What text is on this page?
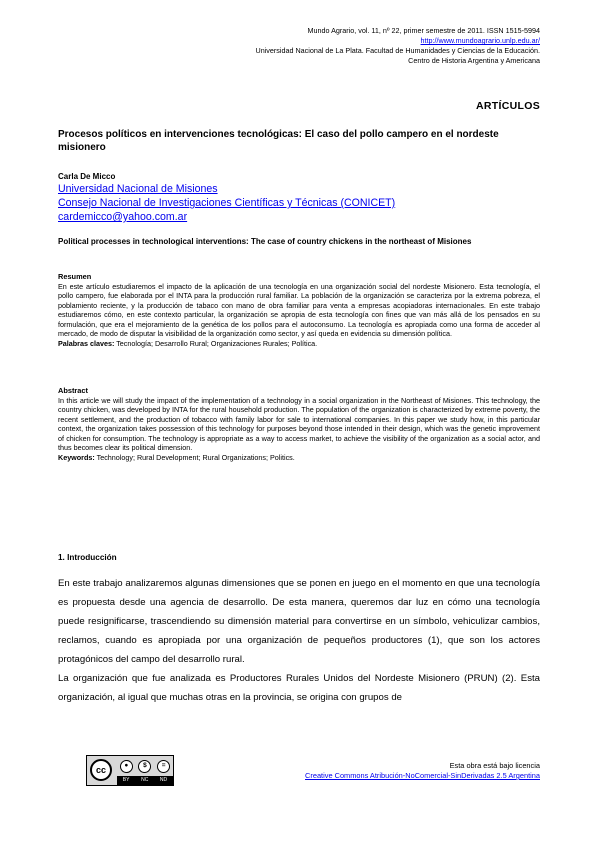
Mundo Agrario, vol. 11, nº 22, primer semestre de 2011. ISSN 1515-5994
http://www.mundoagrario.unlp.edu.ar/
Universidad Nacional de La Plata. Facultad de Humanidades y Ciencias de la Educación.
Centro de Historia Argentina y Americana
ARTÍCULOS
Procesos políticos en intervenciones tecnológicas: El caso del pollo campero en el nordeste misionero
Carla De Micco
Universidad Nacional de Misiones
Consejo Nacional de Investigaciones Científicas y Técnicas (CONICET)
cardemicco@yahoo.com.ar
Political processes in technological interventions: The case of country chickens in the northeast of Misiones
Resumen
En este artículo estudiaremos el impacto de la aplicación de una tecnología en una organización social del nordeste Misionero. Esta tecnología, el pollo campero, fue elaborada por el INTA para la producción rural familiar. La población de la organización se caracteriza por la extrema pobreza, el poblamiento reciente, y la producción de tabaco con mano de obra familiar para venta a empresas acopiadoras internacionales. En este trabajo estudiaremos cómo, en este contexto particular, la organización se apropia de esta tecnología con fines que van más allá de los pensados en su formulación, que era el mejoramiento de la genética de los pollos para el autoconsumo. La tecnología es apropiada como una forma de acceder al mercado, de modo de disputar la visibilidad de la organización como sector, y así queda en evidencia su dimensión política.
Palabras claves: Tecnología; Desarrollo Rural; Organizaciones Rurales; Política.
Abstract
In this article we will study the impact of the implementation of a technology in a social organization in the Northeast of Misiones. This technology, the country chicken, was developed by INTA for the rural household production. The population of the organization is characterized by extreme poverty, the recent settlement, and the production of tobacco with family labor for sale to international companies. In this paper we study how, in this particular context, the organization takes possession of this technology for purposes beyond those intended in their design, which was the genetic improvement of chicken for consumption. The technology is appropriate as a way to access market, to achieve the visibility of the organization as a social actor, and thus becomes clear its political dimension.
Keywords: Technology; Rural Development; Rural Organizations; Politics.
1. Introducción

En este trabajo analizaremos algunas dimensiones que se ponen en juego en el momento en que una tecnología es propuesta desde una agencia de desarrollo. De esta manera, queremos dar luz en cómo una tecnología puede resignificarse, trascendiendo su dimensión material para convertirse en un símbolo, vehiculizar cambios, reclamos, cuando es apropiada por una organización de pequeños productores (1), que son los actores protagónicos del campo del desarrollo rural.

La organización que fue analizada es Productores Rurales Unidos del Nordeste Misionero (PRUN) (2). Esta organización, al igual que muchas otras en la provincia, se origina con grupos de

cc	●	$	=
BY NC ND
Esta obra está bajo licencia
Creative Commons Atribución-NoComercial-SinDerivadas 2.5 Argentina
